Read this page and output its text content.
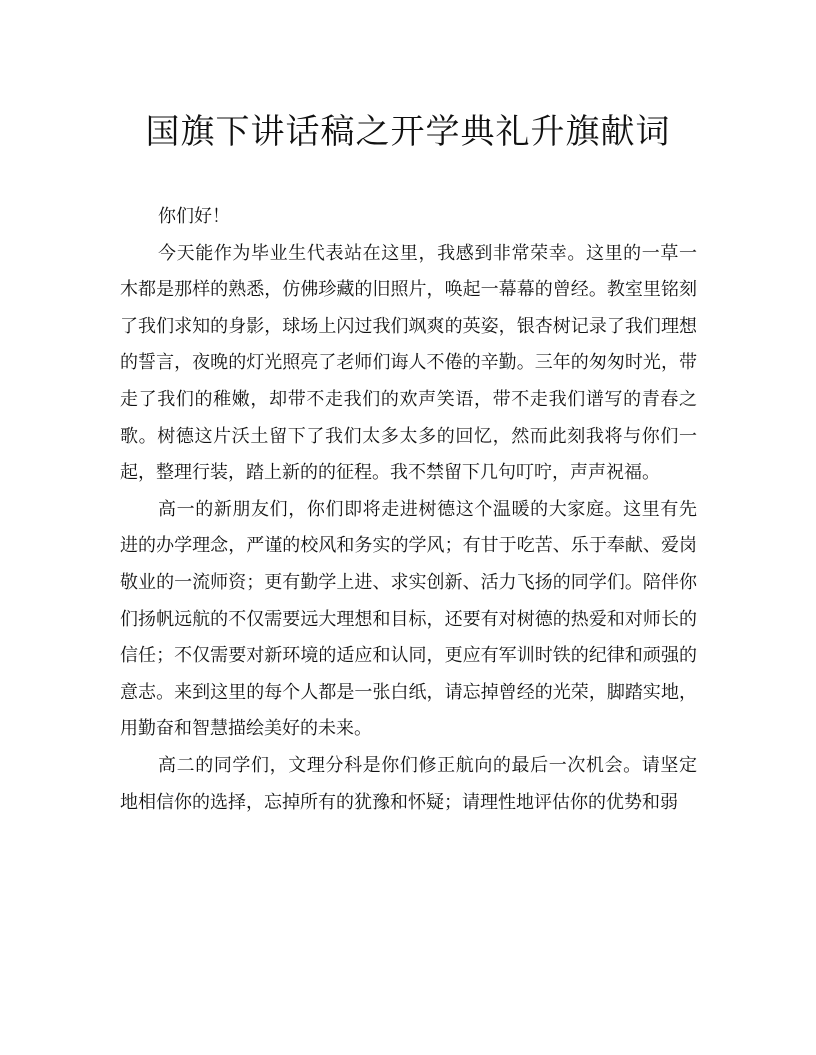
国旗下讲话稿之开学典礼升旗献词

你们好！

今天能作为毕业生代表站在这里，我感到非常荣幸。这里的一草一木都是那样的熟悉，仿佛珍藏的旧照片，唤起一幕幕的曾经。教室里铭刻了我们求知的身影，球场上闪过我们飒爽的英姿，银杏树记录了我们理想的誓言，夜晚的灯光照亮了老师们诲人不倦的辛勤。三年的匆匆时光，带走了我们的稚嫩，却带不走我们的欢声笑语，带不走我们谱写的青春之歌。树德这片沃土留下了我们太多太多的回忆，然而此刻我将与你们一起，整理行装，踏上新的的征程。我不禁留下几句叮咛，声声祝福。

高一的新朋友们，你们即将走进树德这个温暖的大家庭。这里有先进的办学理念，严谨的校风和务实的学风；有甘于吃苦、乐于奉献、爱岗敬业的一流师资；更有勤学上进、求实创新、活力飞扬的同学们。陪伴你们扬帆远航的不仅需要远大理想和目标，还要有对树德的热爱和对师长的信任；不仅需要对新环境的适应和认同，更应有军训时铁的纪律和顽强的意志。来到这里的每个人都是一张白纸，请忘掉曾经的光荣，脚踏实地，用勤奋和智慧描绘美好的未来。

高二的同学们，文理分科是你们修正航向的最后一次机会。请坚定地相信你的选择，忘掉所有的犹豫和怀疑；请理性地评估你的优势和弱
